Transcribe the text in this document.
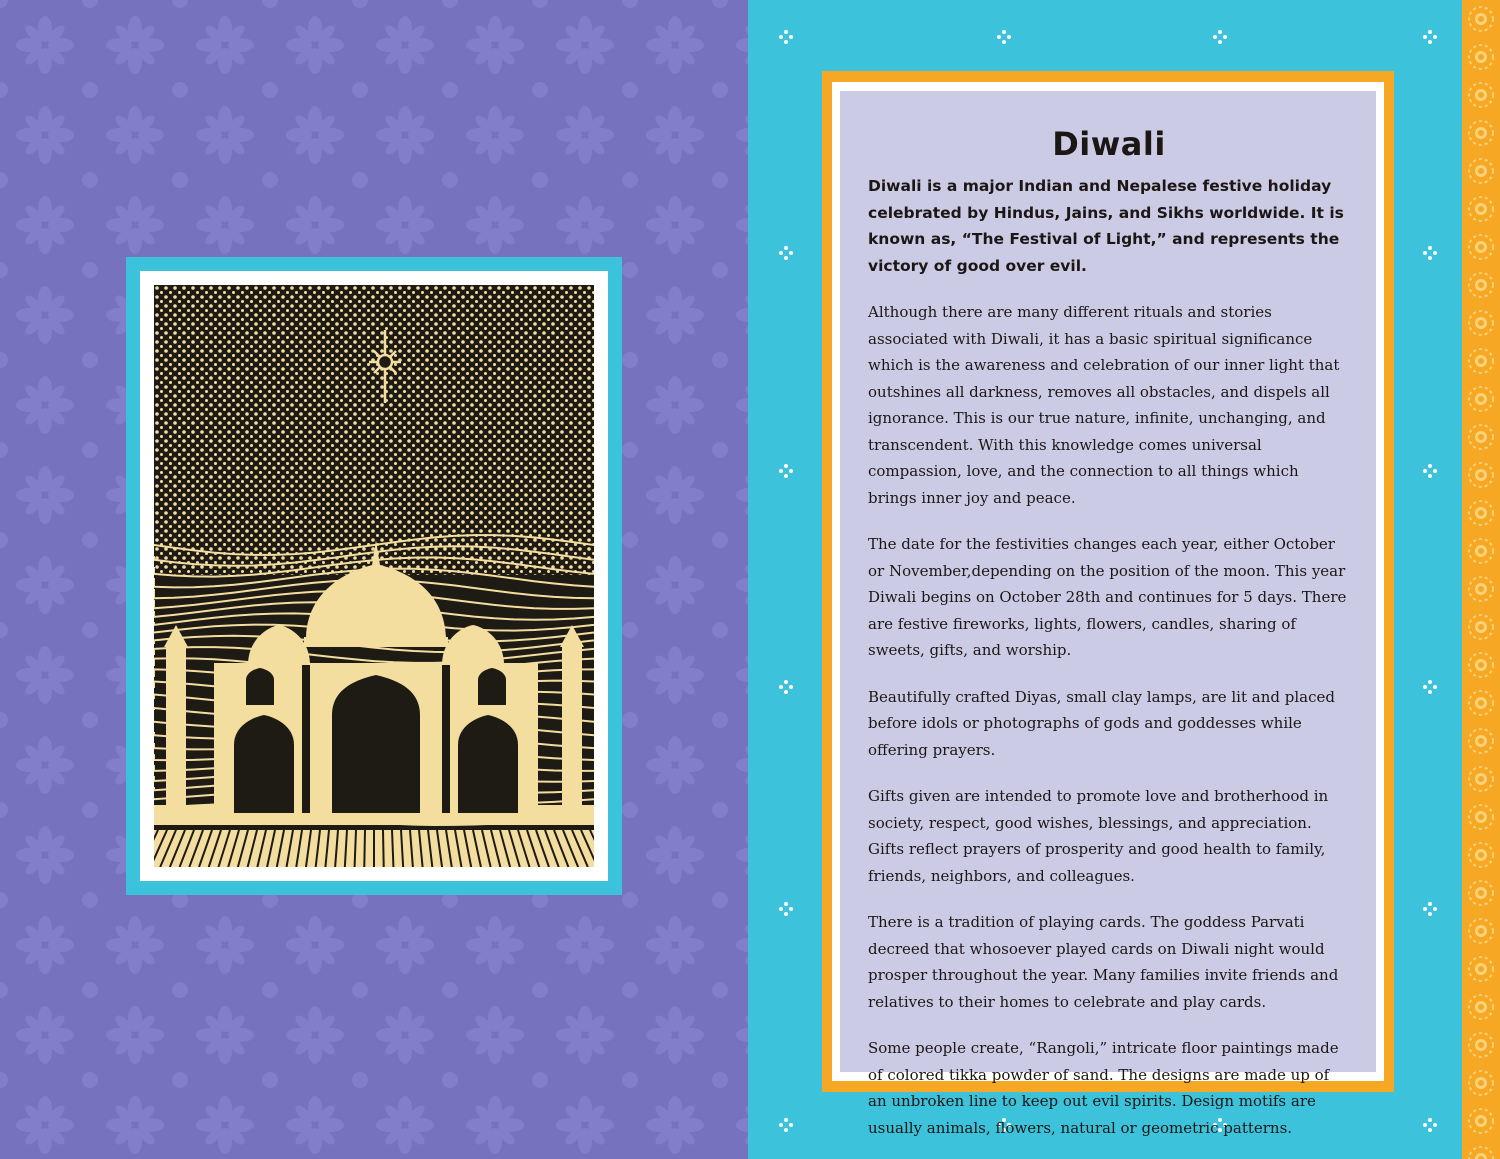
Diwali

Diwali is a major Indian and Nepalese festive holiday celebrated by Hindus, Jains, and Sikhs worldwide. It is known as, “The Festival of Light,” and represents the victory of good over evil.

Although there are many different rituals and stories associated with Diwali, it has a basic spiritual significance which is the awareness and celebration of our inner light that outshines all darkness, removes all obstacles, and dispels all ignorance. This is our true nature, infinite, unchanging, and transcendent. With this knowledge comes universal compassion, love, and the connection to all things which brings inner joy and peace.

The date for the festivities changes each year, either October or November,depending on the position of the moon. This year Diwali begins on October 28th and continues for 5 days. There are festive fireworks, lights, flowers, candles, sharing of sweets, gifts, and worship.

Beautifully crafted Diyas, small clay lamps, are lit and placed before idols or photographs of gods and goddesses while offering prayers.

Gifts given are intended to promote love and brotherhood in society, respect, good wishes, blessings, and appreciation. Gifts reflect prayers of prosperity and good health to family, friends, neighbors, and colleagues.

There is a tradition of playing cards. The goddess Parvati decreed that whosoever played cards on Diwali night would prosper throughout the year. Many families invite friends and relatives to their homes to celebrate and play cards.

Some people create, “Rangoli,” intricate floor paintings made of colored tikka powder of sand. The designs are made up of an unbroken line to keep out evil spirits. Design motifs are usually animals, flowers, natural or geometric patterns.
